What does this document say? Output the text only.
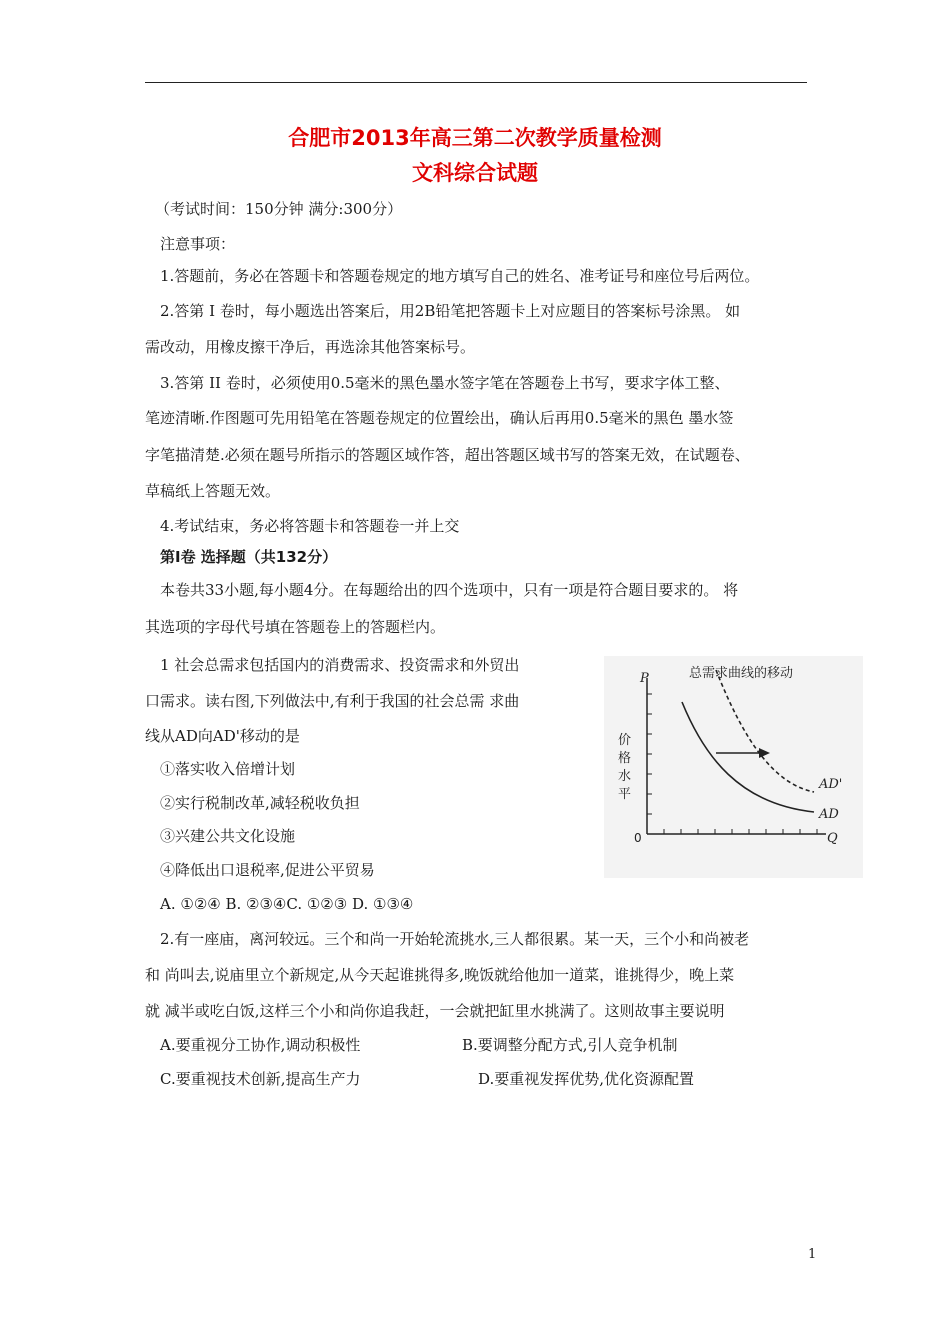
合肥市2013年高三第二次教学质量检测
文科综合试题
（考试时间：150分钟 满分:300分）
注意事项：
1.答题前，务必在答题卡和答题卷规定的地方填写自己的姓名、准考证号和座位号后两位。
2.答第 I 卷时，每小题选出答案后，用2B铅笔把答题卡上对应题目的答案标号涂黑。 如
需改动，用橡皮擦干净后，再选涂其他答案标号。
3.答第 II 卷时，必须使用0.5毫米的黑色墨水签字笔在答题卷上书写，要求字体工整、
笔迹清晰.作图题可先用铅笔在答题卷规定的位置绘出，确认后再用0.5毫米的黑色 墨水签
字笔描清楚.必须在题号所指示的答题区域作答，超出答题区域书写的答案无效，在试题卷、
草稿纸上答题无效。
4.考试结束，务必将答题卡和答题卷一并上交
第Ⅰ卷 选择题（共132分）
本卷共33小题,每小题4分。在每题给出的四个选项中，只有一项是符合题目要求的。 将
其选项的字母代号填在答题卷上的答题栏内。
1 社会总需求包括国内的消费需求、投资需求和外贸出
口需求。读右图,下列做法中,有利于我国的社会总需 求曲
线从AD向AD'移动的是
①落实收入倍增计划
②实行税制改革,减轻税收负担
③兴建公共文化设施
④降低出口退税率,促进公平贸易
A. ①②④ B. ②③④C. ①②③ D. ①③④
总需求曲线的移动
P
Q
0
价
格
水
平
AD'
AD
2.有一座庙，离河较远。三个和尚一开始轮流挑水,三人都很累。某一天，三个小和尚被老
和 尚叫去,说庙里立个新规定,从今天起谁挑得多,晚饭就给他加一道菜，谁挑得少，晚上菜
就 减半或吃白饭,这样三个小和尚你追我赶，一会就把缸里水挑满了。这则故事主要说明
A.要重视分工协作,调动积极性	B.要调整分配方式,引人竞争机制
C.要重视技术创新,提高生产力	D.要重视发挥优势,优化资源配置
1
